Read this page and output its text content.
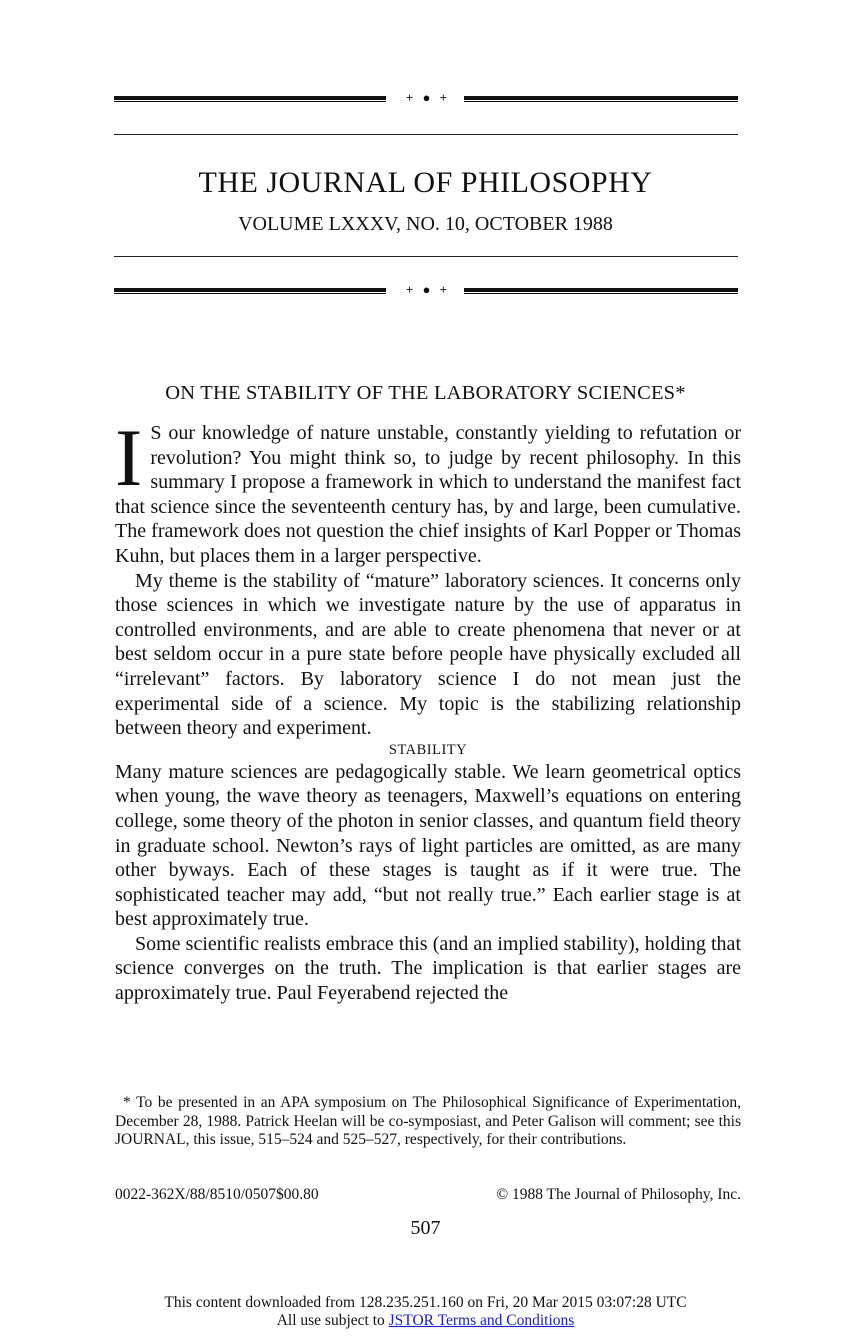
+ ● +
THE JOURNAL OF PHILOSOPHY
VOLUME LXXXV, NO. 10, OCTOBER 1988
+ ● +
ON THE STABILITY OF THE LABORATORY SCIENCES*

I S our knowledge of nature unstable, constantly yielding to refutation or revolution? You might think so, to judge by recent philosophy. In this summary I propose a framework in which to understand the manifest fact that science since the seventeenth century has, by and large, been cumulative. The framework does not question the chief insights of Karl Popper or Thomas Kuhn, but places them in a larger perspective.

My theme is the stability of “mature” laboratory sciences. It concerns only those sciences in which we investigate nature by the use of apparatus in controlled environments, and are able to create phenomena that never or at best seldom occur in a pure state before people have physically excluded all “irrelevant” factors. By laboratory science I do not mean just the experimental side of a science. My topic is the stabilizing relationship between theory and experiment.

STABILITY

Many mature sciences are pedagogically stable. We learn geometrical optics when young, the wave theory as teenagers, Maxwell’s equations on entering college, some theory of the photon in senior classes, and quantum field theory in graduate school. Newton’s rays of light particles are omitted, as are many other byways. Each of these stages is taught as if it were true. The sophisticated teacher may add, “but not really true.” Each earlier stage is at best approximately true.

Some scientific realists embrace this (and an implied stability), holding that science converges on the truth. The implication is that earlier stages are approximately true. Paul Feyerabend rejected the

* To be presented in an APA symposium on The Philosophical Significance of Experimentation, December 28, 1988. Patrick Heelan will be co-symposiast, and Peter Galison will comment; see this JOURNAL, this issue, 515–524 and 525–527, respectively, for their contributions.
0022-362X/88/8510/0507$00.80	© 1988 The Journal of Philosophy, Inc.
507
This content downloaded from 128.235.251.160 on Fri, 20 Mar 2015 03:07:28 UTC
All use subject to JSTOR Terms and Conditions
